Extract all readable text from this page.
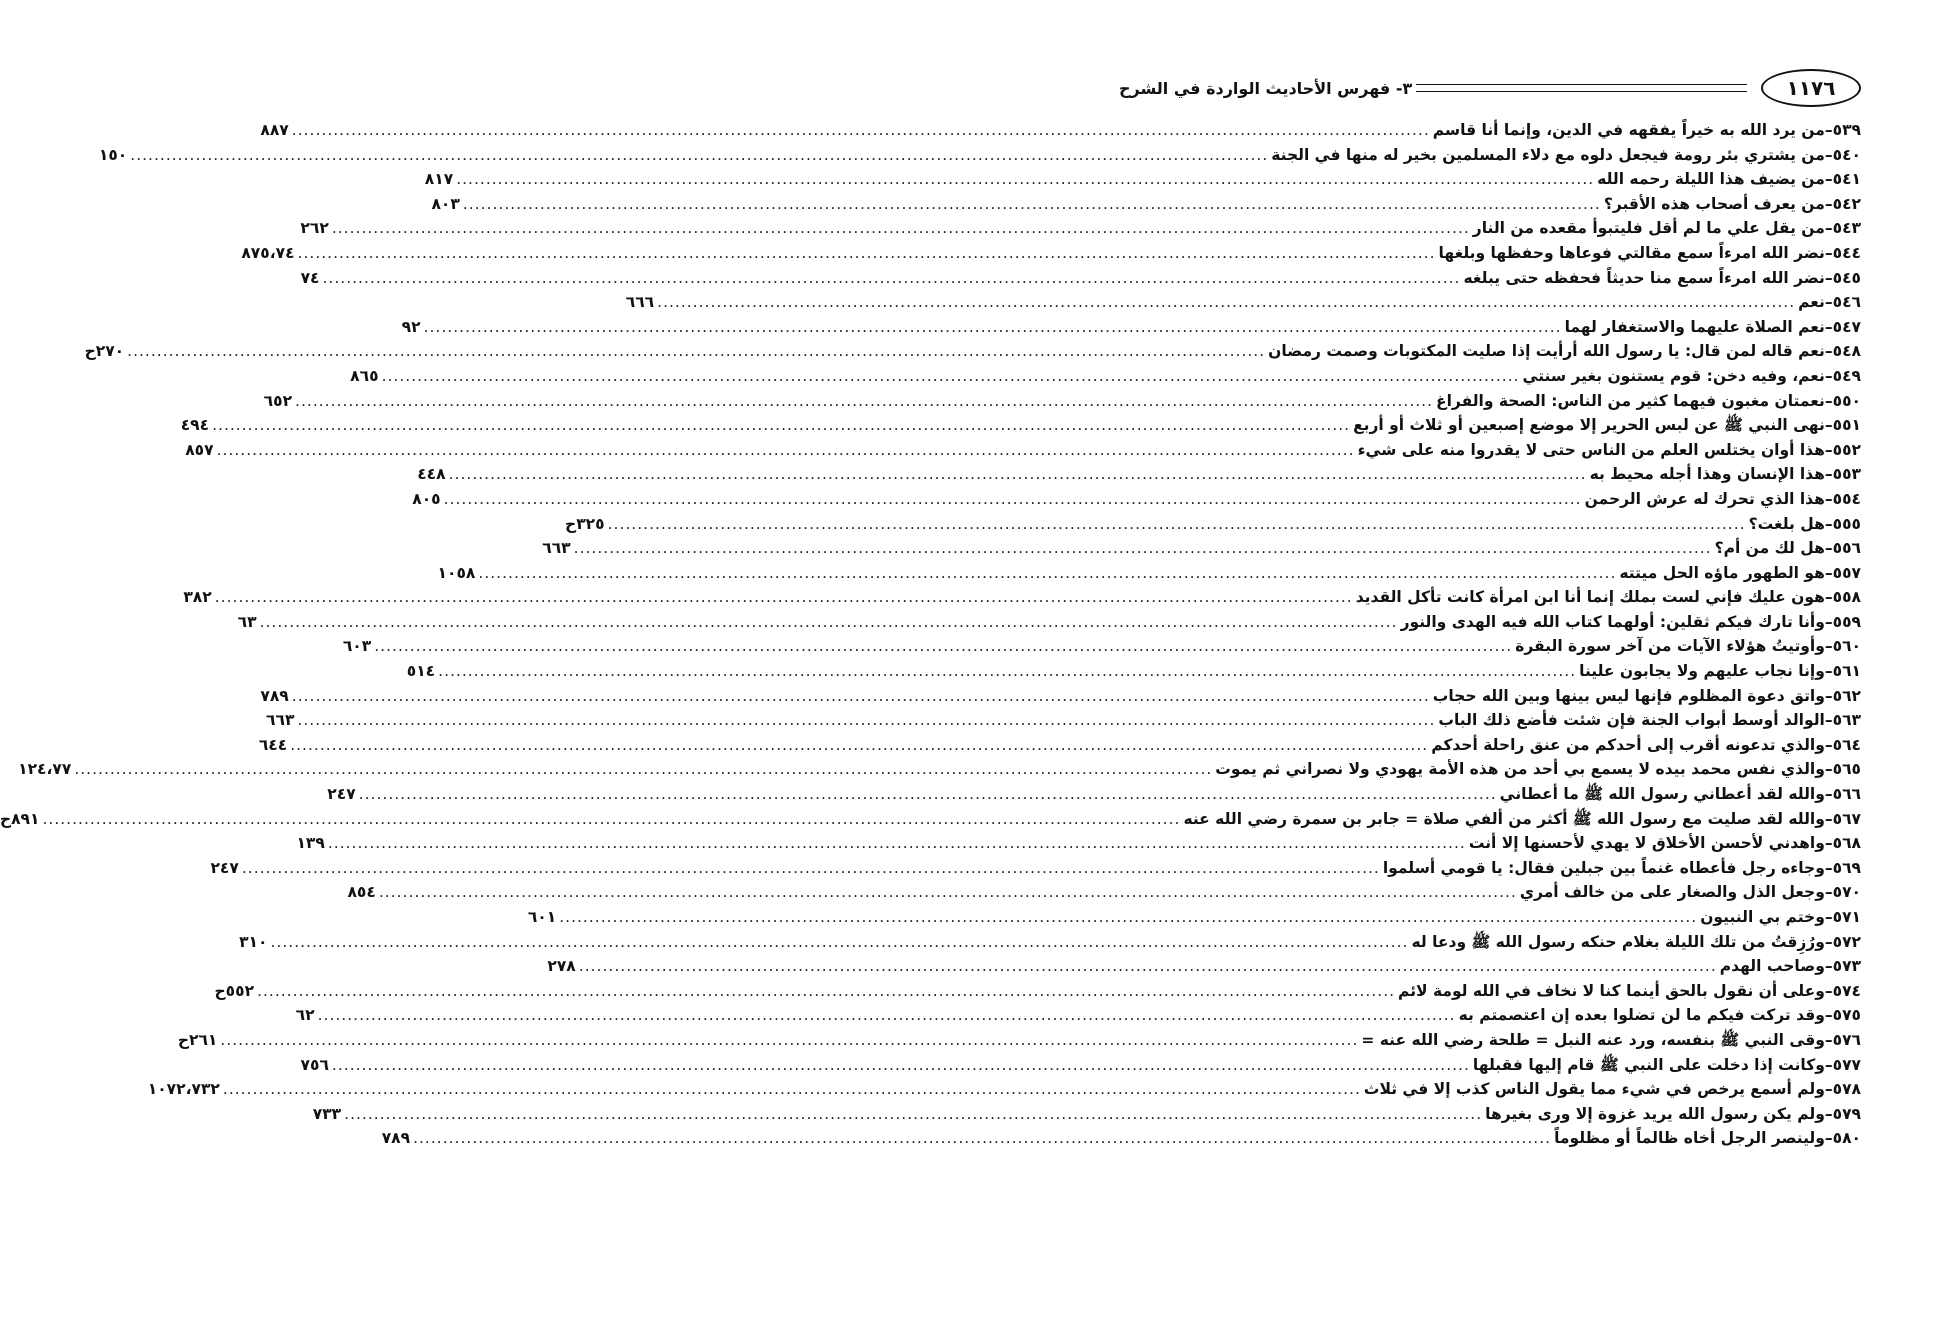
١١٧٦
٣- فهرس الأحاديث الواردة في الشرح
٥٣٩
–
من يرد الله به خيراً يفقهه في الدين، وإنما أنا قاسم
.....
٨٨٧
٥٤٠
–
من يشتري بئر رومة فيجعل دلوه مع دلاء المسلمين بخير له منها في الجنة
.....
١٥٠
٥٤١
–
من يضيف هذا الليلة رحمه الله
.....
٨١٧
٥٤٢
–
من يعرف أصحاب هذه الأقبر؟
.....
٨٠٣
٥٤٣
–
من يقل علي ما لم أقل فليتبوأ مقعده من النار
.....
٢٦٢
٥٤٤
–
نضر الله امرءاً سمع مقالتي فوعاها وحفظها وبلغها
.....
٨٧٥،٧٤
٥٤٥
–
نضر الله امرءاً سمع منا حديثاً فحفظه حتى يبلغه
.....
٧٤
٥٤٦
–
نعم
.....
٦٦٦
٥٤٧
–
نعم الصلاة عليهما والاستغفار لهما
.....
٩٢
٥٤٨
–
نعم قاله لمن قال: يا رسول الله أرأيت إذا صليت المكتوبات وصمت رمضان
.....
٢٧٠ح
٥٤٩
–
نعم، وفيه دخن: قوم يستنون بغير سنتي
.....
٨٦٥
٥٥٠
–
نعمتان مغبون فيهما كثير من الناس: الصحة والفراغ
.....
٦٥٢
٥٥١
–
نهى النبي ﷺ عن لبس الحرير إلا موضع إصبعين أو ثلاث أو أربع
.....
٤٩٤
٥٥٢
–
هذا أوان يختلس العلم من الناس حتى لا يقدروا منه على شيء
.....
٨٥٧
٥٥٣
–
هذا الإنسان وهذا أجله محيط به
.....
٤٤٨
٥٥٤
–
هذا الذي تحرك له عرش الرحمن
.....
٨٠٥
٥٥٥
–
هل بلغت؟
.....
٣٢٥ح
٥٥٦
–
هل لك من أم؟
.....
٦٦٣
٥٥٧
–
هو الطهور ماؤه الحل ميتته
.....
١٠٥٨
٥٥٨
–
هون عليك فإني لست بملك إنما أنا ابن امرأة كانت تأكل القديد
.....
٣٨٢
٥٥٩
–
وأنا تارك فيكم ثقلين: أولهما كتاب الله فيه الهدى والنور
.....
٦٣
٥٦٠
–
وأوتيتُ هؤلاء الآيات من آخر سورة البقرة
.....
٦٠٣
٥٦١
–
وإنا نجاب عليهم ولا يجابون علينا
.....
٥١٤
٥٦٢
–
واتق دعوة المظلوم فإنها ليس بينها وبين الله حجاب
.....
٧٨٩
٥٦٣
–
الوالد أوسط أبواب الجنة فإن شئت فأضع ذلك الباب
.....
٦٦٣
٥٦٤
–
والذي تدعونه أقرب إلى أحدكم من عنق راحلة أحدكم
.....
٦٤٤
٥٦٥
–
والذي نفس محمد بيده لا يسمع بي أحد من هذه الأمة يهودي ولا نصراني ثم يموت
.....
١٢٤،٧٧
٥٦٦
–
والله لقد أعطاني رسول الله ﷺ ما أعطاني
.....
٢٤٧
٥٦٧
–
والله لقد صليت مع رسول الله ﷺ أكثر من ألفي صلاة = جابر بن سمرة رضي الله عنه
.....
٨٩١ح
٥٦٨
–
واهدني لأحسن الأخلاق لا يهدي لأحسنها إلا أنت
.....
١٣٩
٥٦٩
–
وجاءه رجل فأعطاه غنماً بين جبلين فقال: يا قومي أسلموا
.....
٢٤٧
٥٧٠
–
وجعل الذل والصغار على من خالف أمري
.....
٨٥٤
٥٧١
–
وختم بي النبيون
.....
٦٠١
٥٧٢
–
ورُزِقتُ من تلك الليلة بغلام حنكه رسول الله ﷺ ودعا له
.....
٣١٠
٥٧٣
–
وصاحب الهدم
.....
٢٧٨
٥٧٤
–
وعلى أن نقول بالحق أينما كنا لا نخاف في الله لومة لائم
.....
٥٥٢ح
٥٧٥
–
وقد تركت فيكم ما لن تضلوا بعده إن اعتصمتم به
.....
٦٢
٥٧٦
–
وقى النبي ﷺ بنفسه، ورد عنه النبل = طلحة رضي الله عنه =
.....
٢٦١ح
٥٧٧
–
وكانت إذا دخلت على النبي ﷺ قام إليها فقبلها
.....
٧٥٦
٥٧٨
–
ولم أسمع يرخص في شيء مما يقول الناس كذب إلا في ثلاث
.....
١٠٧٢،٧٣٢
٥٧٩
–
ولم يكن رسول الله يريد غزوة إلا ورى بغيرها
.....
٧٣٣
٥٨٠
–
ولينصر الرجل أخاه ظالماً أو مظلوماً
.....
٧٨٩
